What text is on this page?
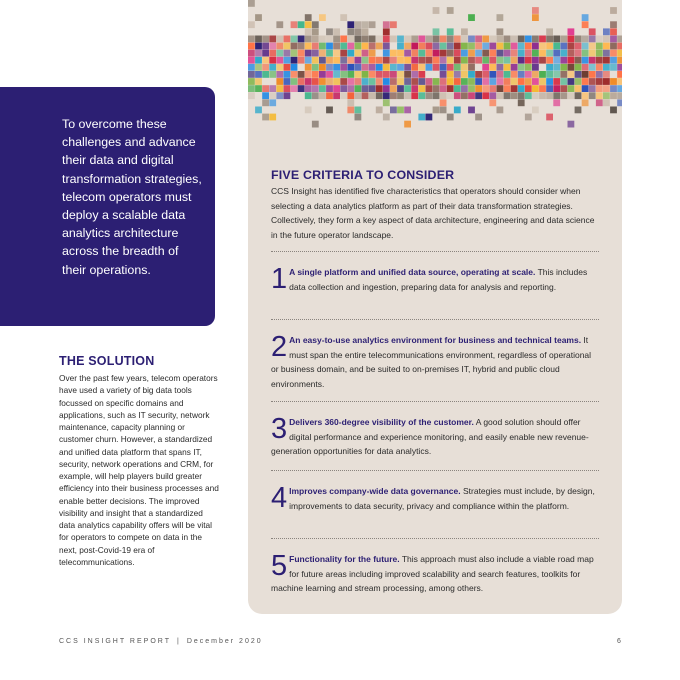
To overcome these challenges and advance their data and digital transformation strategies, telecom operators must deploy a scalable data analytics architecture across the breadth of their operations.
THE SOLUTION
Over the past few years, telecom operators have used a variety of big data tools focussed on specific domains and applications, such as IT security, network maintenance, capacity planning or customer churn. However, a standardized and unified data platform that spans IT, security, network operations and CRM, for example, will help players build greater efficiency into their business processes and enable better decisions. The improved visibility and insight that a standardized data analytics capability offers will be vital for operators to compete on data in the next, post-Covid-19 era of telecommunications.
FIVE CRITERIA TO CONSIDER
CCS Insight has identified five characteristics that operators should consider when selecting a data analytics platform as part of their data transformation strategies. Collectively, they form a key aspect of data architecture, engineering and data science in the future operator landscape.
1 A single platform and unified data source, operating at scale. This includes data collection and ingestion, preparing data for analysis and reporting.
2 An easy-to-use analytics environment for business and technical teams. It must span the entire telecommunications environment, regardless of operational or business domain, and be suited to on-premises IT, hybrid and public cloud environments.
3 Delivers 360-degree visibility of the customer. A good solution should offer digital performance and experience monitoring, and easily enable new revenue-generation opportunities for data analytics.
4 Improves company-wide data governance. Strategies must include, by design, improvements to data security, privacy and compliance within the platform.
5 Functionality for the future. This approach must also include a viable road map for future areas including improved scalability and search features, toolkits for machine learning and stream processing, among others.
CCS INSIGHT REPORT | December 2020	6
